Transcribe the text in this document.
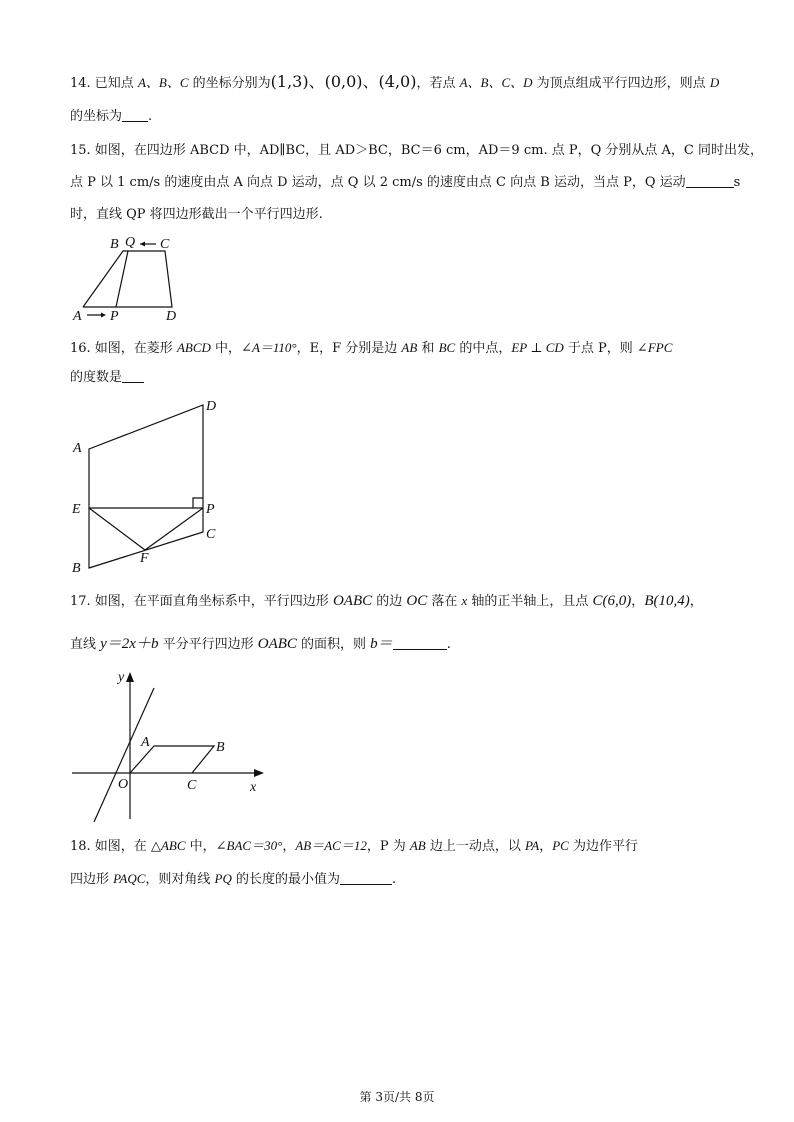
14. 已知点 A、B、C 的坐标分别为(1,3)、(0,0)、(4,0)，若点 A、B、C、D 为顶点组成平行四边形，则点 D
的坐标为 .
15. 如图，在四边形 ABCD 中，AD∥BC，且 AD＞BC，BC＝6 cm，AD＝9 cm. 点 P，Q 分别从点 A，C 同时出发，
点 P 以 1 cm/s 的速度由点 A 向点 D 运动，点 Q 以 2 cm/s 的速度由点 C 向点 B 运动，当点 P，Q 运动	s
时，直线 QP 将四边形截出一个平行四边形.
B Q C
A P	D
16. 如图，在菱形 ABCD 中，∠A＝110°，E，F 分别是边 AB 和 BC 的中点，EP ⊥ CD 于点 P，则 ∠FPC
的度数是
A
D
E	P
C
F
B
17. 如图，在平面直角坐标系中，平行四边形 OABC 的边 OC 落在 x 轴的正半轴上，且点 C(6,0)，B(10,4)，
直线 y＝2x＋b 平分平行四边形 OABC 的面积，则 b＝	.
y
A	B
O	C	x
18. 如图，在 △ABC 中，∠BAC＝30°，AB＝AC＝12，P 为 AB 边上一动点，以 PA，PC 为边作平行
四边形 PAQC，则对角线 PQ 的长度的最小值为	.
第 3页/共 8页
